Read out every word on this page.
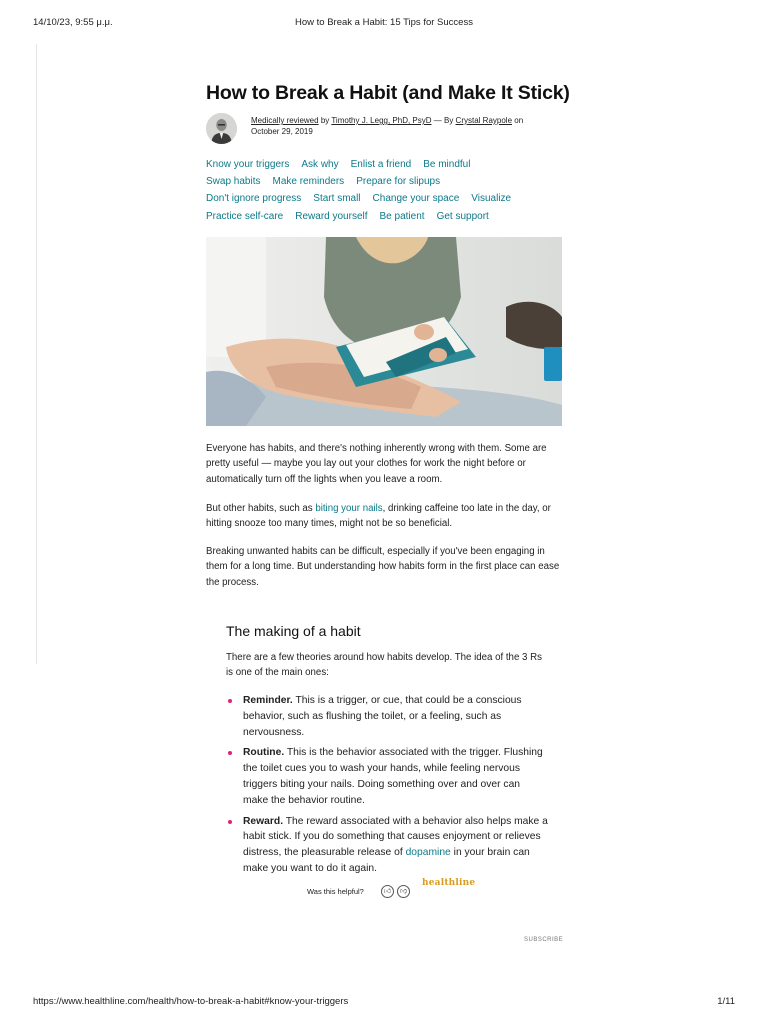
14/10/23, 9:55 μ.μ.	How to Break a Habit: 15 Tips for Success
How to Break a Habit (and Make It Stick)
Medically reviewed by Timothy J. Legg, PhD, PsyD — By Crystal Raypole on
October 29, 2019
Know your triggers Ask why Enlist a friend Be mindful
Swap habits Make reminders Prepare for slipups
Don't ignore progress Start small Change your space Visualize
Practice self-care Reward yourself Be patient Get support

Everyone has habits, and there's nothing inherently wrong with them. Some are pretty useful — maybe you lay out your clothes for work the night before or automatically turn off the lights when you leave a room.

But other habits, such as biting your nails, drinking caffeine too late in the day, or hitting snooze too many times, might not be so beneficial.

Breaking unwanted habits can be difficult, especially if you've been engaging in them for a long time. But understanding how habits form in the first place can ease the process.

The making of a habit

There are a few theories around how habits develop. The idea of the 3 Rs is one of the main ones:

Reminder. This is a trigger, or cue, that could be a conscious behavior, such as flushing the toilet, or a feeling, such as nervousness.
Routine. This is the behavior associated with the trigger. Flushing the toilet cues you to wash your hands, while feeling nervous triggers biting your nails. Doing something over and over can make the behavior routine.
Reward. The reward associated with a behavior also helps make a habit stick. If you do something that causes enjoyment or relieves distress, the pleasurable release of dopamine in your brain can make you want to do it again.
Was this helpful?	👍︎	👎︎
healthline
SUBSCRIBE
https://www.healthline.com/health/how-to-break-a-habit#know-your-triggers	1/11
